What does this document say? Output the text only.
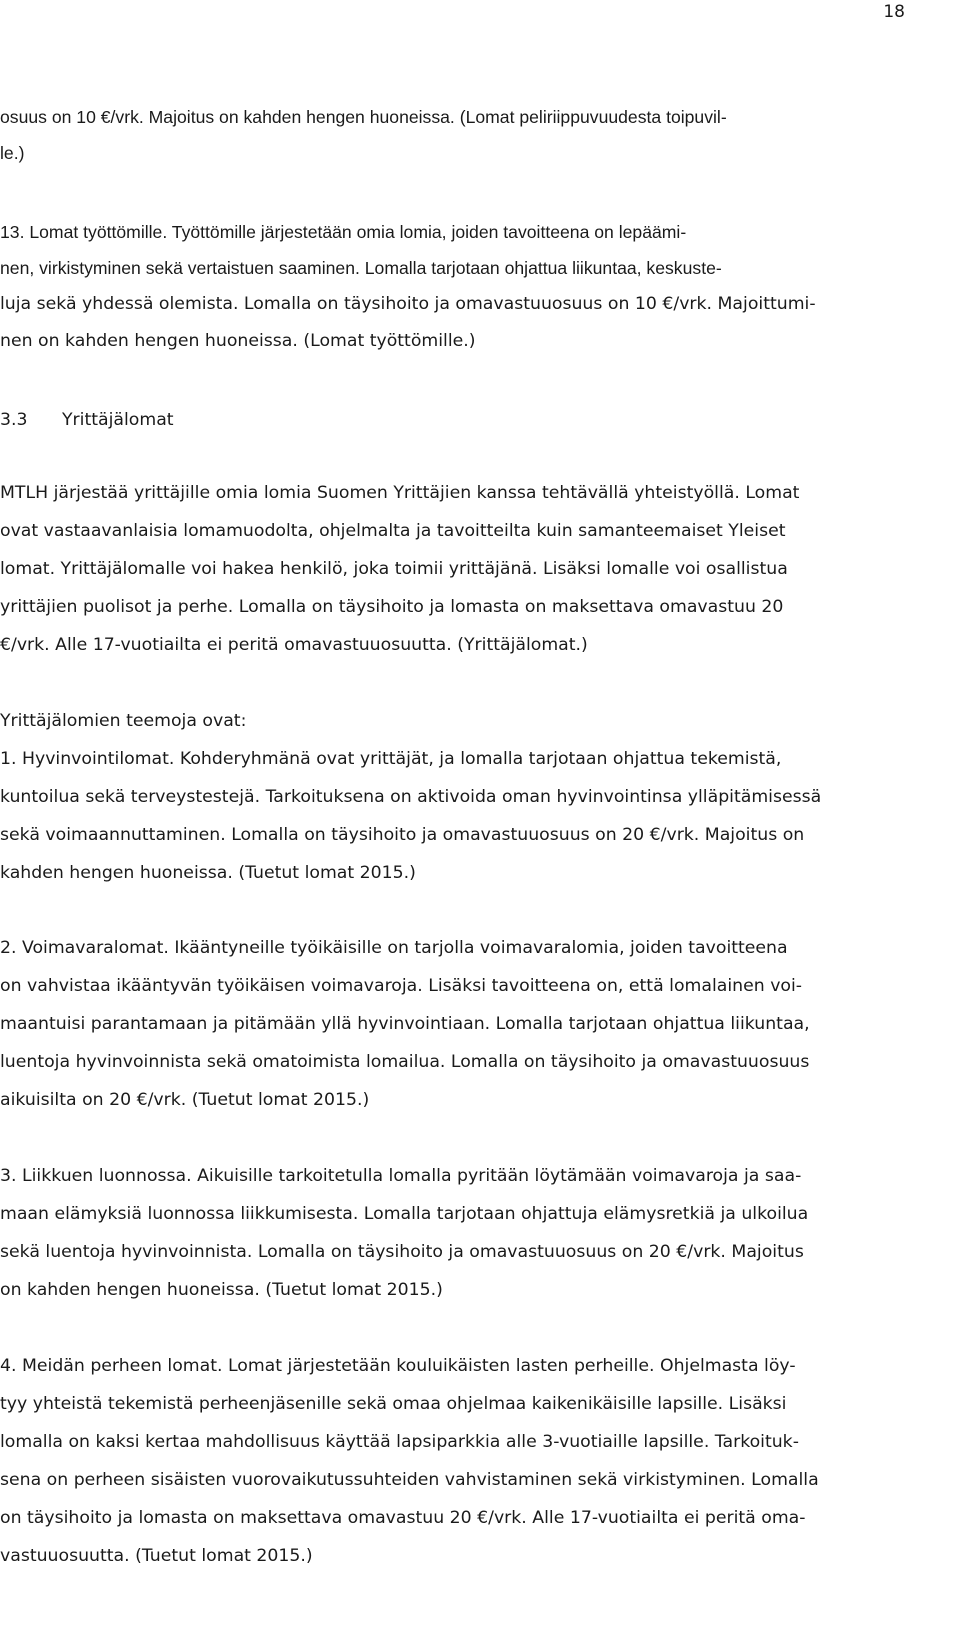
18
osuus on 10 €/vrk. Majoitus on kahden hengen huoneissa. (Lomat peliriippuvuudesta toipuvil-
le.)
13. Lomat työttömille. Työttömille järjestetään omia lomia, joiden tavoitteena on lepäämi-
nen, virkistyminen sekä vertaistuen saaminen. Lomalla tarjotaan ohjattua liikuntaa, keskuste-
luja sekä yhdessä olemista. Lomalla on täysihoito ja omavastuuosuus on 10 €/vrk. Majoittumi-
nen on kahden hengen huoneissa. (Lomat työttömille.)
3.3 Yrittäjälomat
MTLH järjestää yrittäjille omia lomia Suomen Yrittäjien kanssa tehtävällä yhteistyöllä. Lomat
ovat vastaavanlaisia lomamuodolta, ohjelmalta ja tavoitteilta kuin samanteemaiset Yleiset
lomat. Yrittäjälomalle voi hakea henkilö, joka toimii yrittäjänä. Lisäksi lomalle voi osallistua
yrittäjien puolisot ja perhe. Lomalla on täysihoito ja lomasta on maksettava omavastuu 20
€/vrk. Alle 17-vuotiailta ei peritä omavastuuosuutta. (Yrittäjälomat.)
Yrittäjälomien teemoja ovat:
1. Hyvinvointilomat. Kohderyhmänä ovat yrittäjät, ja lomalla tarjotaan ohjattua tekemistä,
kuntoilua sekä terveystestejä. Tarkoituksena on aktivoida oman hyvinvointinsa ylläpitämisessä
sekä voimaannuttaminen. Lomalla on täysihoito ja omavastuuosuus on 20 €/vrk. Majoitus on
kahden hengen huoneissa. (Tuetut lomat 2015.)
2. Voimavaralomat. Ikääntyneille työikäisille on tarjolla voimavaralomia, joiden tavoitteena
on vahvistaa ikääntyvän työikäisen voimavaroja. Lisäksi tavoitteena on, että lomalainen voi-
maantuisi parantamaan ja pitämään yllä hyvinvointiaan. Lomalla tarjotaan ohjattua liikuntaa,
luentoja hyvinvoinnista sekä omatoimista lomailua. Lomalla on täysihoito ja omavastuuosuus
aikuisilta on 20 €/vrk. (Tuetut lomat 2015.)
3. Liikkuen luonnossa. Aikuisille tarkoitetulla lomalla pyritään löytämään voimavaroja ja saa-
maan elämyksiä luonnossa liikkumisesta. Lomalla tarjotaan ohjattuja elämysretkiä ja ulkoilua
sekä luentoja hyvinvoinnista. Lomalla on täysihoito ja omavastuuosuus on 20 €/vrk. Majoitus
on kahden hengen huoneissa. (Tuetut lomat 2015.)
4. Meidän perheen lomat. Lomat järjestetään kouluikäisten lasten perheille. Ohjelmasta löy-
tyy yhteistä tekemistä perheenjäsenille sekä omaa ohjelmaa kaikenikäisille lapsille. Lisäksi
lomalla on kaksi kertaa mahdollisuus käyttää lapsiparkkia alle 3-vuotiaille lapsille. Tarkoituk-
sena on perheen sisäisten vuorovaikutussuhteiden vahvistaminen sekä virkistyminen. Lomalla
on täysihoito ja lomasta on maksettava omavastuu 20 €/vrk. Alle 17-vuotiailta ei peritä oma-
vastuuosuutta. (Tuetut lomat 2015.)
